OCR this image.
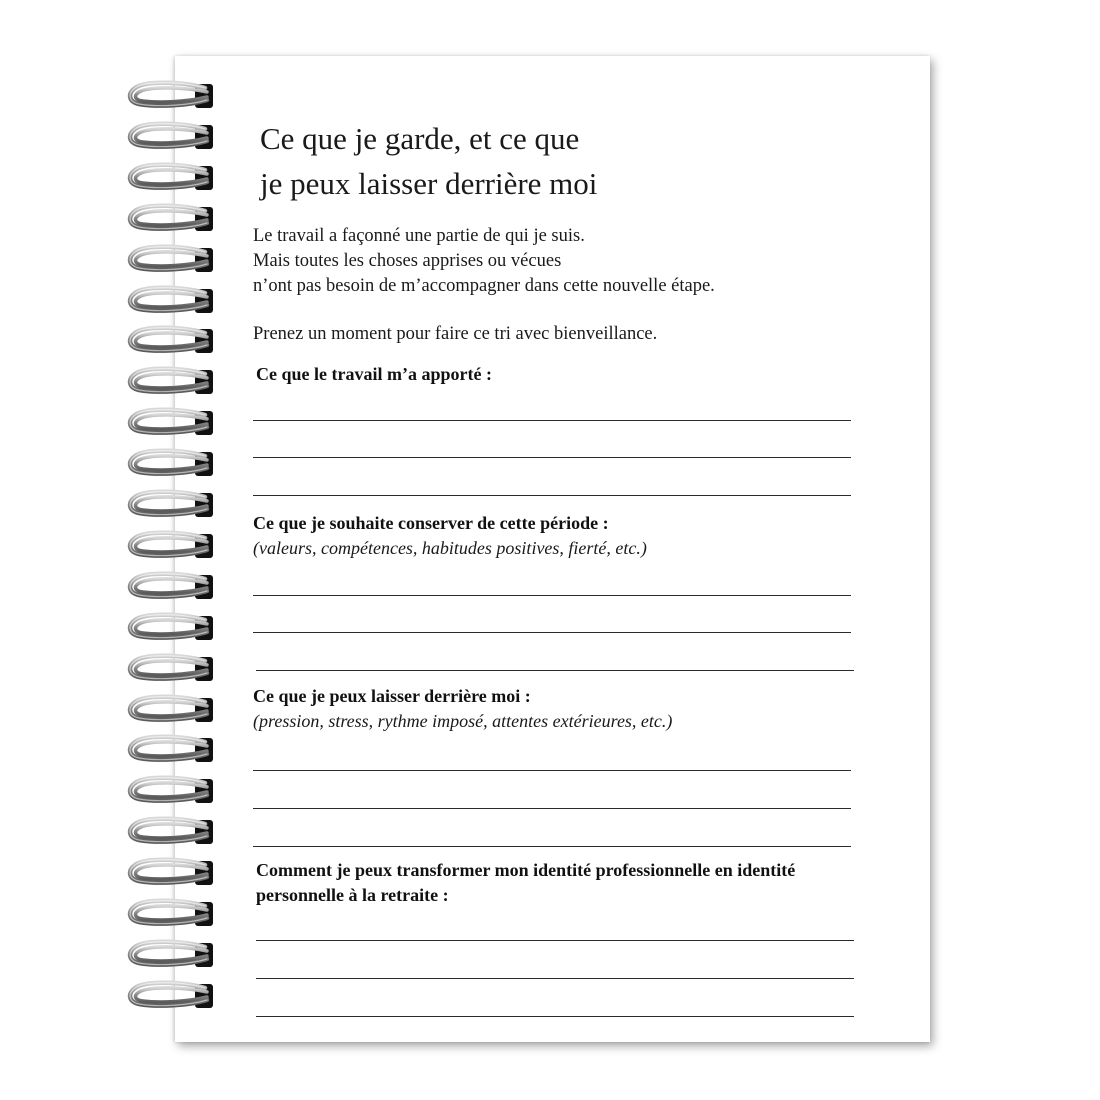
Ce que je garde, et ce que
je peux laisser derrière moi

Le travail a façonné une partie de qui je suis.
Mais toutes les choses apprises ou vécues
n’ont pas besoin de m’accompagner dans cette nouvelle étape.

Prenez un moment pour faire ce tri avec bienveillance.

Ce que le travail m’a apporté :

Ce que je souhaite conserver de cette période :

(valeurs, compétences, habitudes positives, fierté, etc.)

Ce que je peux laisser derrière moi :

(pression, stress, rythme imposé, attentes extérieures, etc.)

Comment je peux transformer mon identité professionnelle en identité

personnelle à la retraite :
